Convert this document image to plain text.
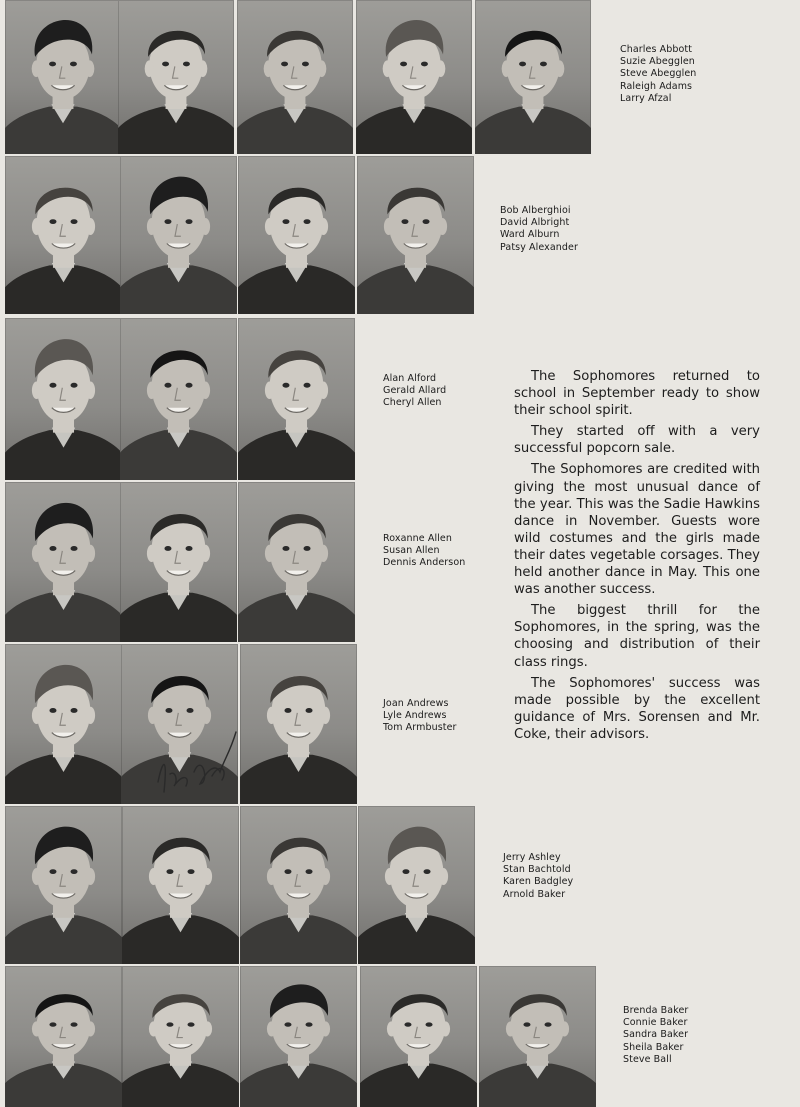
Charles Abbott
Suzie Abegglen
Steve Abegglen
Raleigh Adams
Larry Afzal
Bob Alberghioi
David Albright
Ward Alburn
Patsy Alexander
Alan Alford
Gerald Allard
Cheryl Allen
Roxanne Allen
Susan Allen
Dennis Anderson
Joan Andrews
Lyle Andrews
Tom Armbuster
Jerry Ashley
Stan Bachtold
Karen Badgley
Arnold Baker
Brenda Baker
Connie Baker
Sandra Baker
Sheila Baker
Steve Ball

The Sophomores returned to school in September ready to show their school spirit.

They started off with a very successful popcorn sale.

The Sophomores are credited with giving the most unusual dance of the year. This was the Sadie Hawkins dance in November. Guests wore wild costumes and the girls made their dates vegetable corsages. They held another dance in May. This one was another success.

The biggest thrill for the Sophomores, in the spring, was the choosing and distribution of their class rings.

The Sophomores' success was made possible by the excellent guidance of Mrs. Sorensen and Mr. Coke, their advisors.
